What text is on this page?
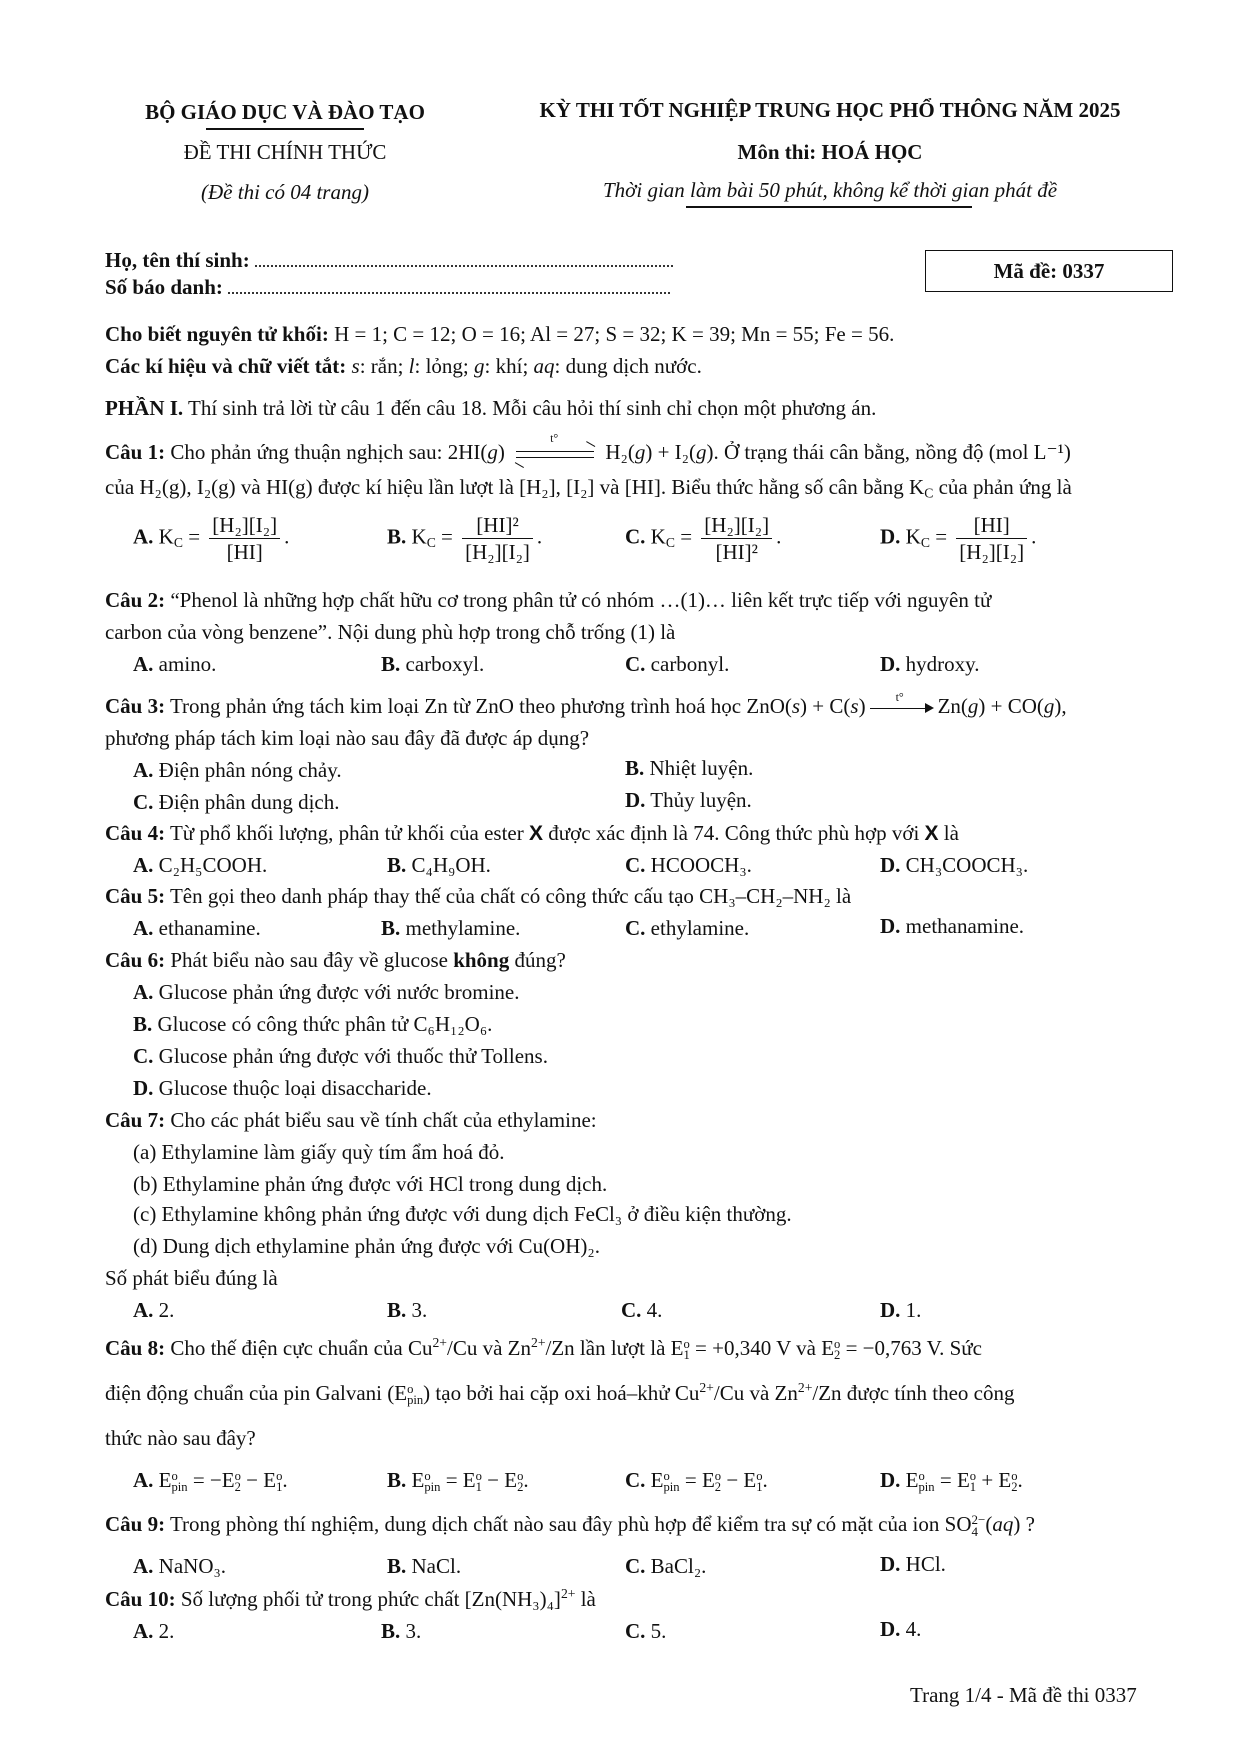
BỘ GIÁO DỤC VÀ ĐÀO TẠO
ĐỀ THI CHÍNH THỨC
(Đề thi có 04 trang)
KỲ THI TỐT NGHIỆP TRUNG HỌC PHỔ THÔNG NĂM 2025
Môn thi: HOÁ HỌC
Thời gian làm bài 50 phút, không kể thời gian phát đề
Họ, tên thí sinh:
Số báo danh:
Mã đề: 0337
Cho biết nguyên tử khối: H = 1; C = 12; O = 16; Al = 27; S = 32; K = 39; Mn = 55; Fe = 56.
Các kí hiệu và chữ viết tắt: s: rắn; l: lỏng; g: khí; aq: dung dịch nước.
PHẦN I. Thí sinh trả lời từ câu 1 đến câu 18. Mỗi câu hỏi thí sinh chỉ chọn một phương án.
Câu 1: Cho phản ứng thuận nghịch sau: 2HI(g)
t°
H₂(g) + I₂(g). Ở trạng thái cân bằng, nồng độ (mol L⁻¹)
của H₂(g), I₂(g) và HI(g) được kí hiệu lần lượt là [H₂], [I₂] và [HI]. Biểu thức hằng số cân bằng $K_C$ của phản ứng là
A. $K_C = \frac{\text{[H₂][I₂]}}{[HI]}$ .	B. $K_C = \frac{\text{[HI]²}}{\text{[H₂][I₂]}}$ .	C. $K_C = \frac{\text{[H₂][I₂]}}{\text{[HI]²}}$ .	D. $K_C = \frac{[HI]}{\text{[H₂][I₂]}}$ .
Câu 2: “Phenol là những hợp chất hữu cơ trong phân tử có nhóm …(1)… liên kết trực tiếp với nguyên tử
carbon của vòng benzene”. Nội dung phù hợp trong chỗ trống (1) là
A. amino.	B. carboxyl.	C. carbonyl.	D. hydroxy.
Câu 3: Trong phản ứng tách kim loại Zn từ ZnO theo phương trình hoá học ZnO(s) + C(s)	t° Zn(g) + CO(g),
phương pháp tách kim loại nào sau đây đã được áp dụng?
A. Điện phân nóng chảy.	B. Nhiệt luyện.
C. Điện phân dung dịch.	D. Thủy luyện.
Câu 4: Từ phổ khối lượng, phân tử khối của ester X được xác định là 74. Công thức phù hợp với X là
A. C₂H₅COOH.	B. C₄H₉OH.	C. HCOOCH₃.	D. CH₃COOCH₃.
Câu 5: Tên gọi theo danh pháp thay thế của chất có công thức cấu tạo CH₃–CH₂–NH₂ là
A. ethanamine.	B. methylamine.	C. ethylamine.	D. methanamine.
Câu 6: Phát biểu nào sau đây về glucose không đúng?
A. Glucose phản ứng được với nước bromine.
B. Glucose có công thức phân tử C₆H₁₂O₆.
C. Glucose phản ứng được với thuốc thử Tollens.
D. Glucose thuộc loại disaccharide.
Câu 7: Cho các phát biểu sau về tính chất của ethylamine:
(a) Ethylamine làm giấy quỳ tím ẩm hoá đỏ.
(b) Ethylamine phản ứng được với HCl trong dung dịch.
(c) Ethylamine không phản ứng được với dung dịch FeCl₃ ở điều kiện thường.
(d) Dung dịch ethylamine phản ứng được với Cu(OH)₂.
Số phát biểu đúng là
A. 2.	B. 3.	C. 4.	D. 1.
Câu 8: Cho thế điện cực chuẩn của $Cu^{2+}/Cu$ và $Zn^{2+}/Zn$ lần lượt là E o
1 = +0,340 V và E o
2 = −0,763 V. Sức
điện động chuẩn của pin Galvani (E o
pin ) tạo bởi hai cặp oxi hoá–khử $Cu^{2+}/Cu$ và $Zn^{2+}/Zn$ được tính theo công
thức nào sau đây?
A. E o
pin = −E o
2 − E o
1 .	B. E o
pin = E o
1 − E o
2 .	C. E o
pin = E o
2 − E o
1 .	D. E o
pin = E o
1 + E o
2 .
Câu 9: Trong phòng thí nghiệm, dung dịch chất nào sau đây phù hợp để kiểm tra sự có mặt của ion SO 2−
4 (aq) ?
A. NaNO₃.	B. NaCl.	C. BaCl₂.	D. HCl.
Câu 10: Số lượng phối tử trong phức chất $[Zn(NH_3)_4]^{2+}$ là
A. 2.	B. 3.	C. 5.	D. 4.
Trang 1/4 - Mã đề thi 0337
